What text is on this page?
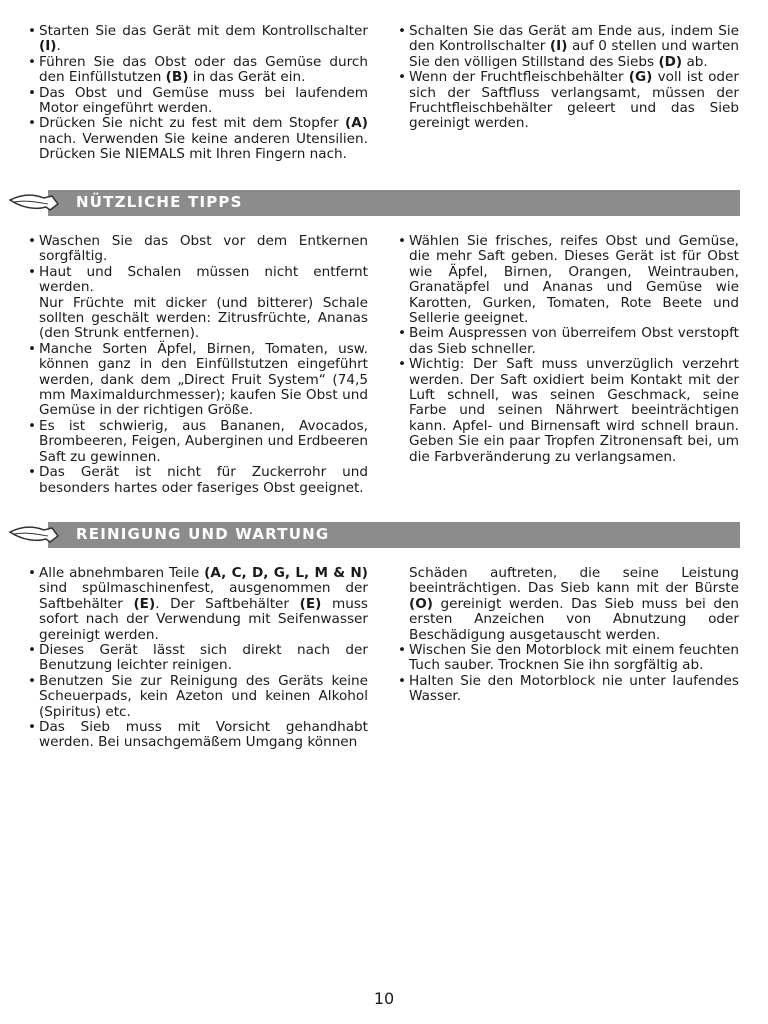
• Starten Sie das Gerät mit dem Kontrollschalter (I).
• Führen Sie das Obst oder das Gemüse durch den Einfüllstutzen (B) in das Gerät ein.
• Das Obst und Gemüse muss bei laufendem Motor eingeführt werden.
• Drücken Sie nicht zu fest mit dem Stopfer (A) nach. Verwenden Sie keine anderen Utensilien. Drücken Sie NIEMALS mit Ihren Fingern nach.
• Schalten Sie das Gerät am Ende aus, indem Sie den Kontrollschalter (I) auf 0 stellen und warten Sie den völligen Stillstand des Siebs (D) ab.
• Wenn der Fruchtfleischbehälter (G) voll ist oder sich der Saftfluss verlangsamt, müssen der Fruchtfleischbehälter geleert und das Sieb gereinigt werden.
NÜTZLICHE TIPPS
• Waschen Sie das Obst vor dem Entkernen sorgfältig.
• Haut und Schalen müssen nicht entfernt werden.
Nur Früchte mit dicker (und bitterer) Schale sollten geschält werden: Zitrusfrüchte, Ananas (den Strunk entfernen).
• Manche Sorten Äpfel, Birnen, Tomaten, usw. können ganz in den Einfüllstutzen eingeführt werden, dank dem „Direct Fruit System“ (74,5 mm Maximaldurchmesser); kaufen Sie Obst und Gemüse in der richtigen Größe.
• Es ist schwierig, aus Bananen, Avocados, Brombeeren, Feigen, Auberginen und Erdbeeren Saft zu gewinnen.
• Das Gerät ist nicht für Zuckerrohr und besonders hartes oder faseriges Obst geeignet.
• Wählen Sie frisches, reifes Obst und Gemüse, die mehr Saft geben. Dieses Gerät ist für Obst wie Äpfel, Birnen, Orangen, Weintrauben, Granatäpfel und Ananas und Gemüse wie Karotten, Gurken, Tomaten, Rote Beete und Sellerie geeignet.
• Beim Auspressen von überreifem Obst verstopft das Sieb schneller.
• Wichtig: Der Saft muss unverzüglich verzehrt werden. Der Saft oxidiert beim Kontakt mit der Luft schnell, was seinen Geschmack, seine Farbe und seinen Nährwert beeinträchtigen kann. Apfel- und Birnensaft wird schnell braun. Geben Sie ein paar Tropfen Zitronensaft bei, um die Farbveränderung zu verlangsamen.
REINIGUNG UND WARTUNG
• Alle abnehmbaren Teile (A, C, D, G, L, M & N) sind spülmaschinenfest, ausgenommen der Saftbehälter (E). Der Saftbehälter (E) muss sofort nach der Verwendung mit Seifenwasser gereinigt werden.
• Dieses Gerät lässt sich direkt nach der Benutzung leichter reinigen.
• Benutzen Sie zur Reinigung des Geräts keine Scheuerpads, kein Azeton und keinen Alkohol (Spiritus) etc.
• Das Sieb muss mit Vorsicht gehandhabt werden. Bei unsachgemäßem Umgang können
Schäden auftreten, die seine Leistung beeinträchtigen. Das Sieb kann mit der Bürste (O) gereinigt werden. Das Sieb muss bei den ersten Anzeichen von Abnutzung oder Beschädigung ausgetauscht werden.
• Wischen Sie den Motorblock mit einem feuchten Tuch sauber. Trocknen Sie ihn sorgfältig ab.
• Halten Sie den Motorblock nie unter laufendes Wasser.
10
